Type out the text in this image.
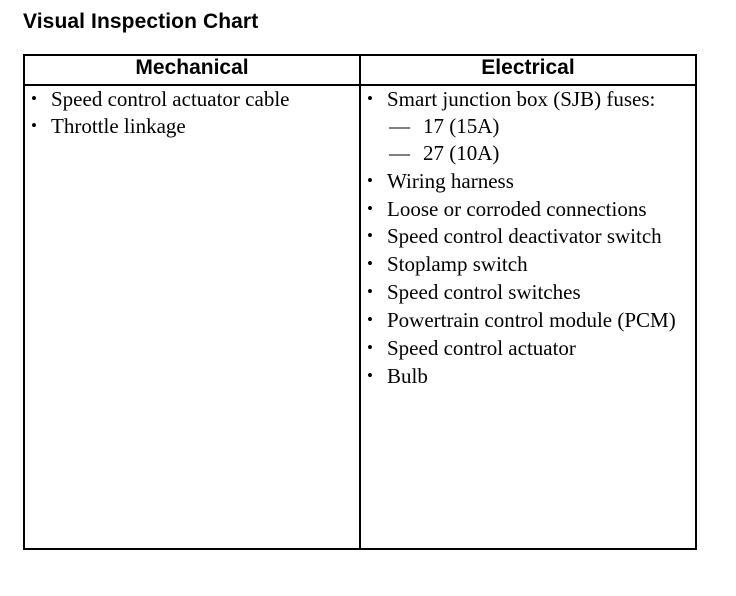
Visual Inspection Chart
Mechanical	Electrical

• Speed control actuator cable
• Throttle linkage

• Smart junction box (SJB) fuses:
— 17 (15A)
— 27 (10A)
• Wiring harness
• Loose or corroded connections
• Speed control deactivator switch
• Stoplamp switch
• Speed control switches
• Powertrain control module (PCM)
• Speed control actuator
• Bulb
